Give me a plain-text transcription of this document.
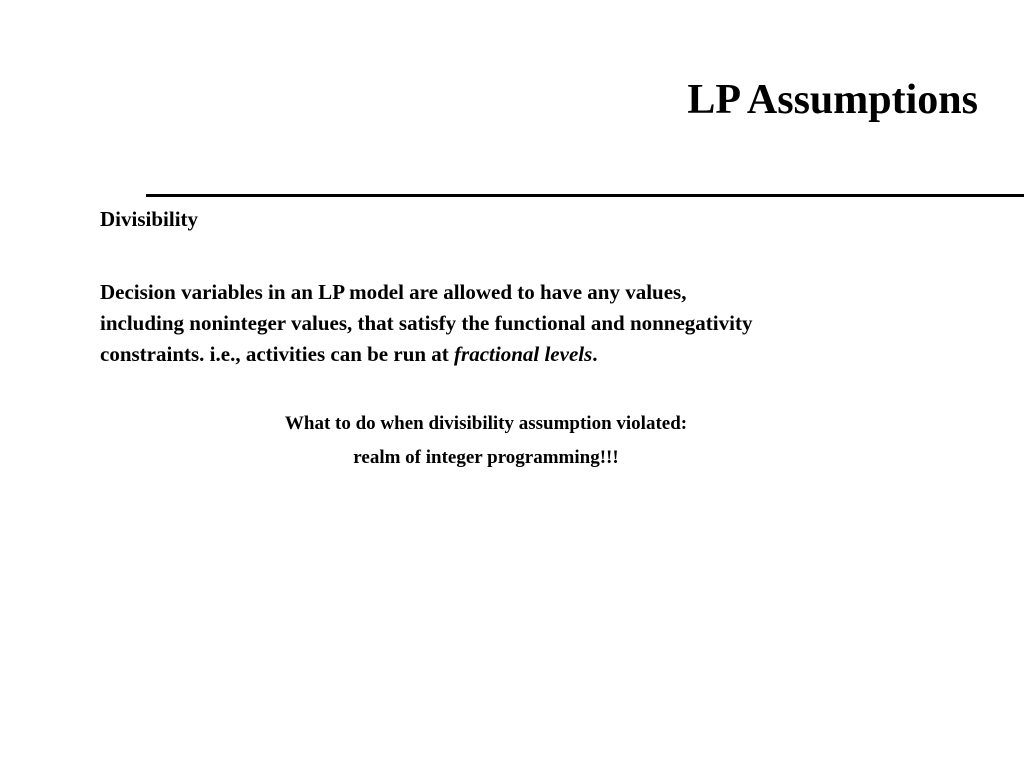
LP Assumptions

Divisibility

Decision variables in an LP model are allowed to have any values,
including noninteger values, that satisfy the functional and nonnegativity
constraints. i.e., activities can be run at fractional levels.

What to do when divisibility assumption violated:

realm of integer programming!!!
